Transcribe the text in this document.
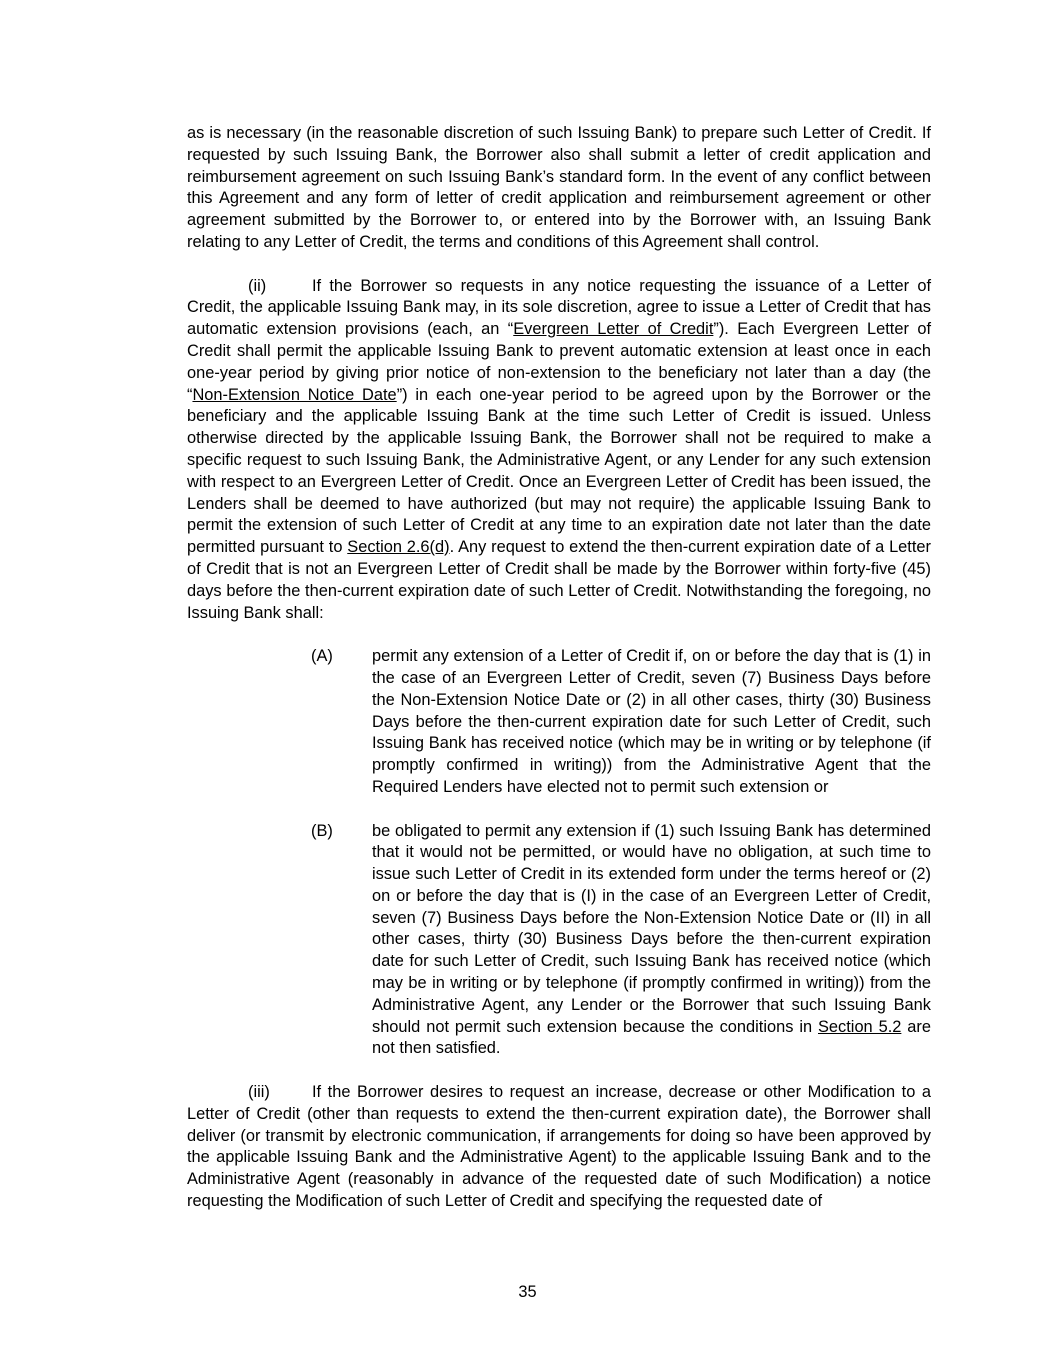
as is necessary (in the reasonable discretion of such Issuing Bank) to prepare such Letter of Credit. If requested by such Issuing Bank, the Borrower also shall submit a letter of credit application and reimbursement agreement on such Issuing Bank’s standard form. In the event of any conflict between this Agreement and any form of letter of credit application and reimbursement agreement or other agreement submitted by the Borrower to, or entered into by the Borrower with, an Issuing Bank relating to any Letter of Credit, the terms and conditions of this Agreement shall control.

(ii)	If the Borrower so requests in any notice requesting the issuance of a Letter of Credit, the applicable Issuing Bank may, in its sole discretion, agree to issue a Letter of Credit that has automatic extension provisions (each, an “Evergreen Letter of Credit”). Each Evergreen Letter of Credit shall permit the applicable Issuing Bank to prevent automatic extension at least once in each one-year period by giving prior notice of non-extension to the beneficiary not later than a day (the “Non-Extension Notice Date”) in each one-year period to be agreed upon by the Borrower or the beneficiary and the applicable Issuing Bank at the time such Letter of Credit is issued. Unless otherwise directed by the applicable Issuing Bank, the Borrower shall not be required to make a specific request to such Issuing Bank, the Administrative Agent, or any Lender for any such extension with respect to an Evergreen Letter of Credit. Once an Evergreen Letter of Credit has been issued, the Lenders shall be deemed to have authorized (but may not require) the applicable Issuing Bank to permit the extension of such Letter of Credit at any time to an expiration date not later than the date permitted pursuant to Section 2.6(d). Any request to extend the then-current expiration date of a Letter of Credit that is not an Evergreen Letter of Credit shall be made by the Borrower within forty-five (45) days before the then-current expiration date of such Letter of Credit. Notwithstanding the foregoing, no Issuing Bank shall:

(A) permit any extension of a Letter of Credit if, on or before the day that is (1) in the case of an Evergreen Letter of Credit, seven (7) Business Days before the Non-Extension Notice Date or (2) in all other cases, thirty (30) Business Days before the then-current expiration date for such Letter of Credit, such Issuing Bank has received notice (which may be in writing or by telephone (if promptly confirmed in writing)) from the Administrative Agent that the Required Lenders have elected not to permit such extension or
(B) be obligated to permit any extension if (1) such Issuing Bank has determined that it would not be permitted, or would have no obligation, at such time to issue such Letter of Credit in its extended form under the terms hereof or (2) on or before the day that is (I) in the case of an Evergreen Letter of Credit, seven (7) Business Days before the Non-Extension Notice Date or (II) in all other cases, thirty (30) Business Days before the then-current expiration date for such Letter of Credit, such Issuing Bank has received notice (which may be in writing or by telephone (if promptly confirmed in writing)) from the Administrative Agent, any Lender or the Borrower that such Issuing Bank should not permit such extension because the conditions in Section 5.2 are not then satisfied.

(iii)	If the Borrower desires to request an increase, decrease or other Modification to a Letter of Credit (other than requests to extend the then-current expiration date), the Borrower shall deliver (or transmit by electronic communication, if arrangements for doing so have been approved by the applicable Issuing Bank and the Administrative Agent) to the applicable Issuing Bank and to the Administrative Agent (reasonably in advance of the requested date of such Modification) a notice requesting the Modification of such Letter of Credit and specifying the requested date of

35
